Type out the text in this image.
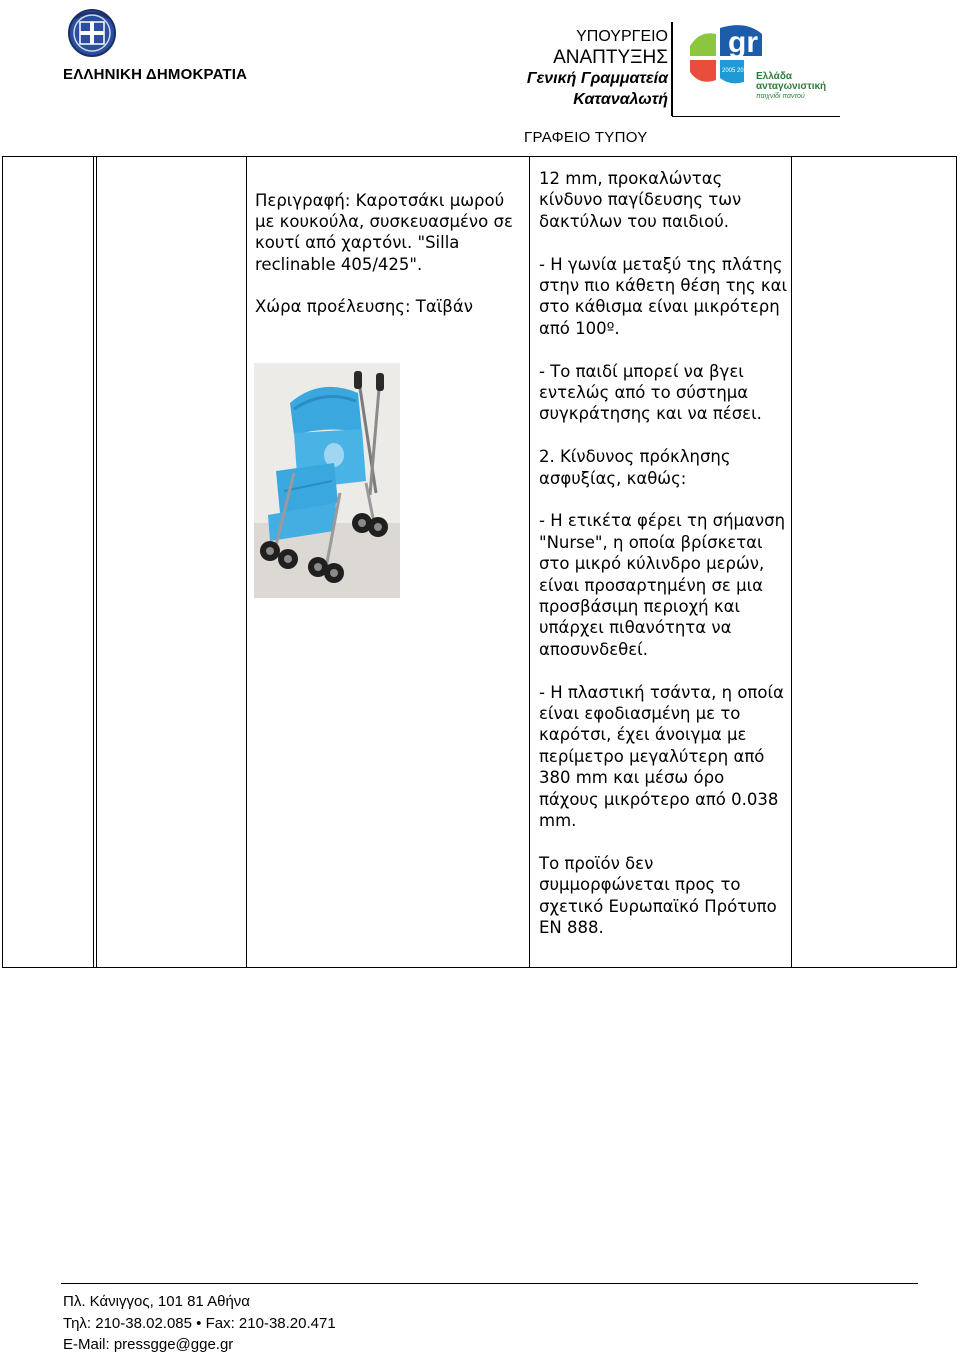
ΕΛΛΗΝΙΚΗ ΔΗΜΟΚΡΑΤΙΑ
ΥΠΟΥΡΓΕΙΟ
ΑΝΑΠΤΥΞΗΣ
Γενική Γραμματεία
Καταναλωτή
gr
2005 2015 Ελλάδα
ανταγωνιστική
παιχνίδι παντού
ΓΡΑΦΕΙΟ ΤΥΠΟΥ
Περιγραφή: Καροτσάκι μωρού με κουκούλα, συσκευασμένο σε κουτί από χαρτόνι. "Silla reclinable 405/425".
Χώρα προέλευσης: Ταϊβάν
12 mm, προκαλώντας κίνδυνο παγίδευσης των δακτύλων του παιδιού.
- Η γωνία μεταξύ της πλάτης στην πιο κάθετη θέση της και στο κάθισμα είναι μικρότερη από 100º.
- Το παιδί μπορεί να βγει εντελώς από το σύστημα συγκράτησης και να πέσει.
2. Κίνδυνος πρόκλησης ασφυξίας, καθώς:
- Η ετικέτα φέρει τη σήμανση "Nurse", η οποία βρίσκεται στο μικρό κύλινδρο μερών, είναι προσαρτημένη σε μια προσβάσιμη περιοχή και υπάρχει πιθανότητα να αποσυνδεθεί.
- Η πλαστική τσάντα, η οποία είναι εφοδιασμένη με το καρότσι, έχει άνοιγμα με περίμετρο μεγαλύτερη από 380 mm και μέσω όρο πάχους μικρότερο από 0.038 mm.
Το προϊόν δεν συμμορφώνεται προς το σχετικό Ευρωπαϊκό Πρότυπο EN 888.
Πλ. Κάνιγγος, 101 81 Αθήνα
Τηλ: 210-38.02.085 • Fax: 210-38.20.471
E-Mail: pressgge@gge.gr
